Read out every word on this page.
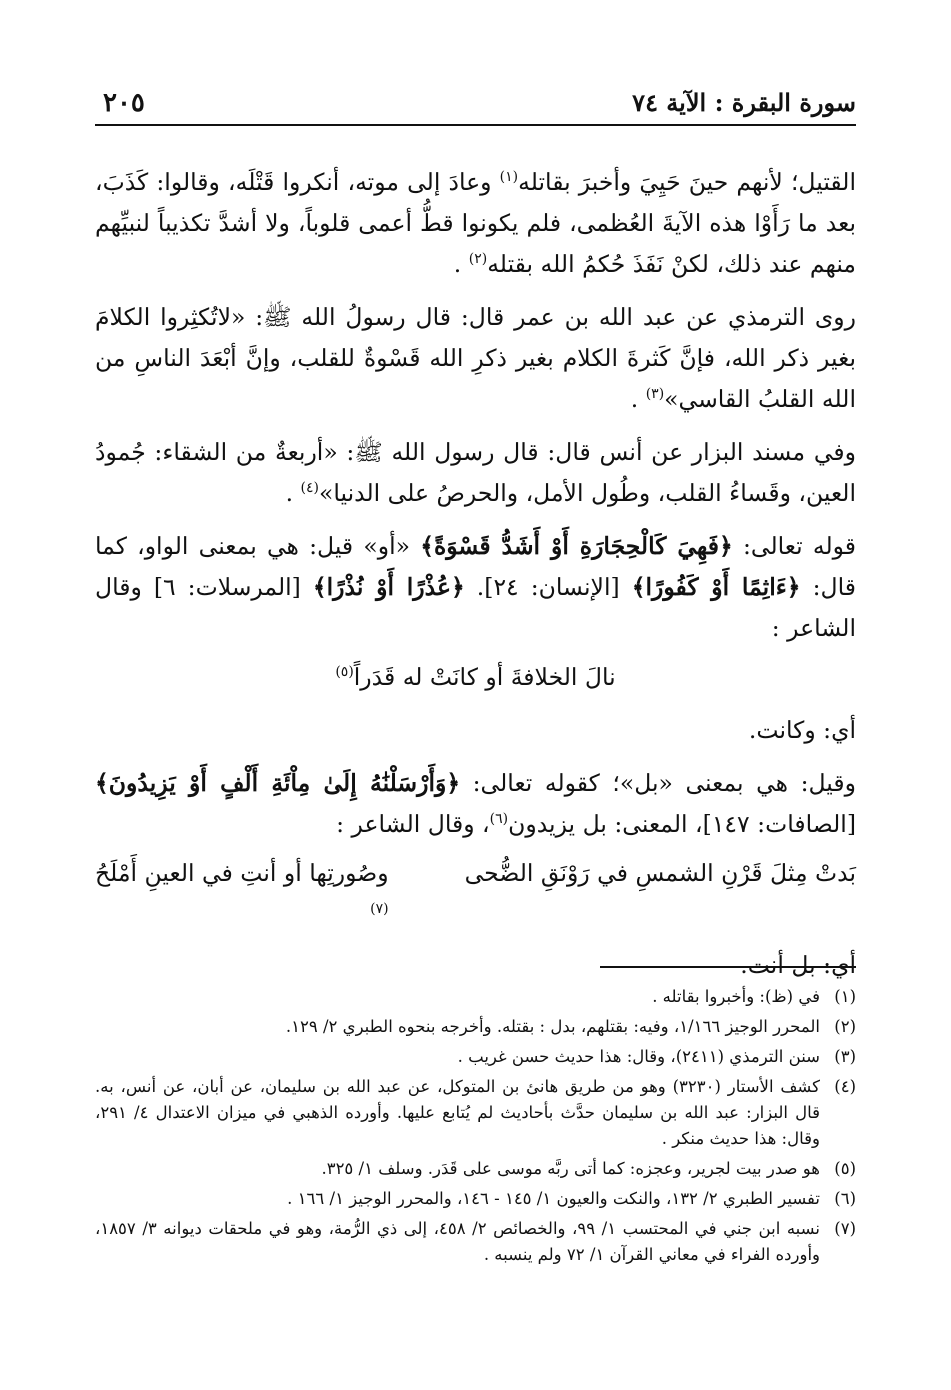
٢٠٥	سورة البقرة : الآية ٧٤

القتيل؛ لأنهم حينَ حَيِيَ وأخبرَ بقاتله$^{(١)}$ وعادَ إلى موته، أنكروا قَتْلَه، وقالوا: كَذَبَ، بعد ما رَأَوْا هذه الآيةَ العُظمى، فلم يكونوا قطُّ أعمى قلوباً، ولا أشدَّ تكذيباً لنبيِّهم منهم عند ذلك، لكنْ نَفَذَ حُكمُ الله بقتله$^{(٢)}$ .

روى الترمذي عن عبد الله بن عمر قال: قال رسولُ الله ﷺ: «لاتُكثِروا الكلامَ بغير ذكر الله، فإنَّ كَثرةَ الكلام بغير ذكرِ الله قَسْوةٌ للقلب، وإنَّ أبْعَدَ الناسِ من الله القلبُ القاسي»$^{(٣)}$ .

وفي مسند البزار عن أنس قال: قال رسول الله ﷺ: «أربعةٌ من الشقاء: جُمودُ العين، وقَساءُ القلب، وطُول الأمل، والحرصُ على الدنيا»$^{(٤)}$ .

قوله تعالى: ﴿فَهِيَ كَالْحِجَارَةِ أَوْ أَشَدُّ قَسْوَةً﴾ «أو» قيل: هي بمعنى الواو، كما قال: ﴿ءَاثِمًا أَوْ كَفُورًا﴾ [الإنسان: ٢٤]. ﴿عُذْرًا أَوْ نُذْرًا﴾ [المرسلات: ٦] وقال الشاعر :

نالَ الخلافةَ أو كانَتْ له قَدَراً$^{(٥)}$

أي: وكانت.

وقيل: هي بمعنى «بل»؛ كقوله تعالى: ﴿وَأَرْسَلْنَٰهُ إِلَىٰ مِاْئَةِ أَلْفٍ أَوْ يَزِيدُونَ﴾ [الصافات: ١٤٧]، المعنى: بل يزيدون$^{(٦)}$، وقال الشاعر :

بَدتْ مِثلَ قَرْنِ الشمسِ في رَوْنَقِ الضُّحى
وصُورتِها أو أنتِ في العينِ أَمْلَحُ
$^{(٧)}$

أي: بل أنت.

(١)
في (ظ): وأخبروا بقاتله .
(٢)
المحرر الوجيز ١/١٦٦، وفيه: بقتلهم، بدل : بقتله. وأخرجه بنحوه الطبري ٢/ ١٢٩.
(٣)
سنن الترمذي (٢٤١١)، وقال: هذا حديث حسن غريب .
(٤)
كشف الأستار (٣٢٣٠) وهو من طريق هانئ بن المتوكل، عن عبد الله بن سليمان، عن أبان، عن أنس، به. قال البزار: عبد الله بن سليمان حدَّث بأحاديث لم يُتابع عليها. وأورده الذهبي في ميزان الاعتدال ٤/ ٢٩١، وقال: هذا حديث منكر .
(٥)
هو صدر بيت لجرير، وعجزه: كما أتى ربَّه موسى على قَدَر. وسلف ١/ ٣٢٥.
(٦)
تفسير الطبري ٢/ ١٣٢، والنكت والعيون ١/ ١٤٥ - ١٤٦، والمحرر الوجيز ١/ ١٦٦ .
(٧)
نسبه ابن جني في المحتسب ١/ ٩٩، والخصائص ٢/ ٤٥٨، إلى ذي الرُّمة، وهو في ملحقات ديوانه ٣/ ١٨٥٧، وأورده الفراء في معاني القرآن ١/ ٧٢ ولم ينسبه .
